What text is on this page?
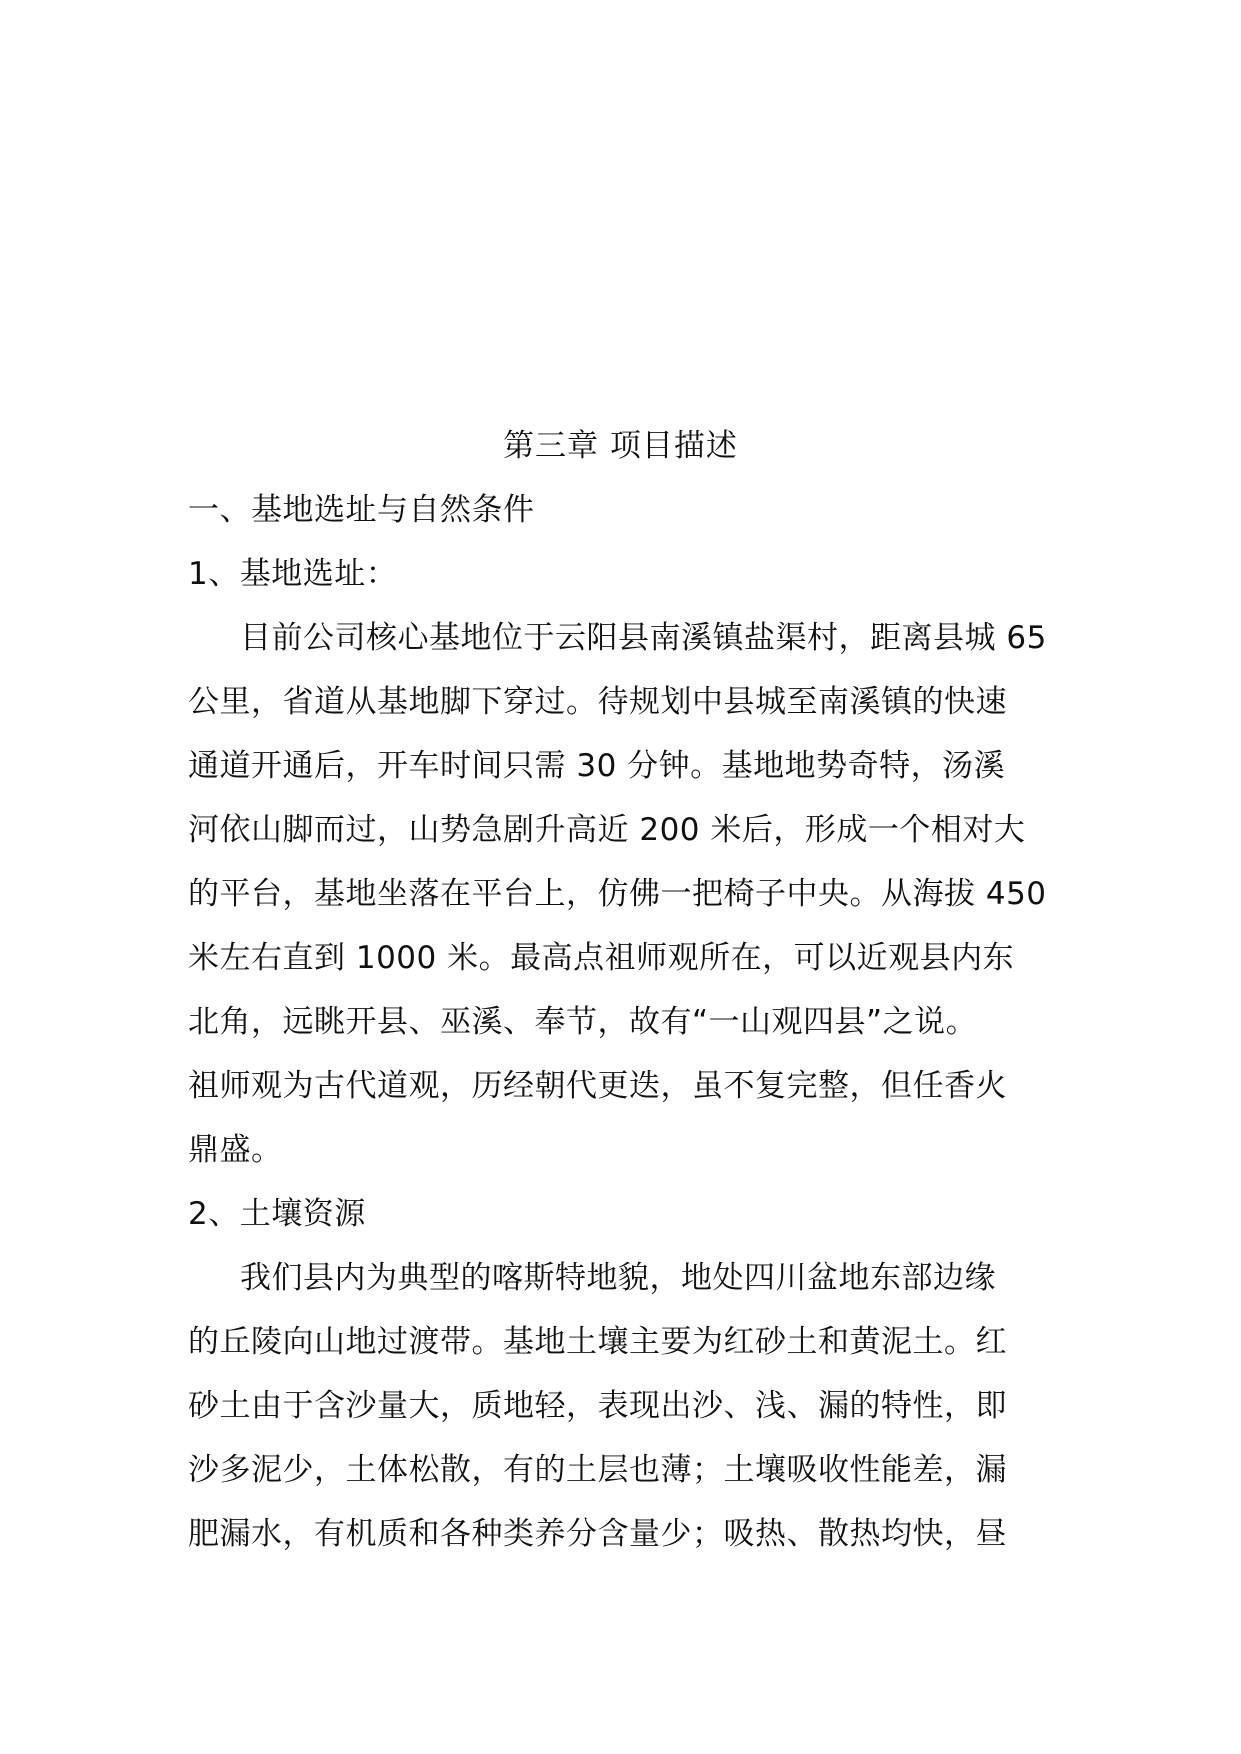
第三章 项目描述
一、基地选址与自然条件
1、基地选址：
目前公司核心基地位于云阳县南溪镇盐渠村，距离县城 65
公里，省道从基地脚下穿过。待规划中县城至南溪镇的快速
通道开通后，开车时间只需 30 分钟。基地地势奇特，汤溪
河依山脚而过，山势急剧升高近 200 米后，形成一个相对大
的平台，基地坐落在平台上，仿佛一把椅子中央。从海拔 450
米左右直到 1000 米。最高点祖师观所在，可以近观县内东
北角，远眺开县、巫溪、奉节，故有“一山观四县”之说。
祖师观为古代道观，历经朝代更迭，虽不复完整，但任香火
鼎盛。
2、土壤资源
我们县内为典型的喀斯特地貌，地处四川盆地东部边缘
的丘陵向山地过渡带。基地土壤主要为红砂土和黄泥土。红
砂土由于含沙量大，质地轻，表现出沙、浅、漏的特性，即
沙多泥少，土体松散，有的土层也薄；土壤吸收性能差，漏
肥漏水，有机质和各种类养分含量少；吸热、散热均快，昼
